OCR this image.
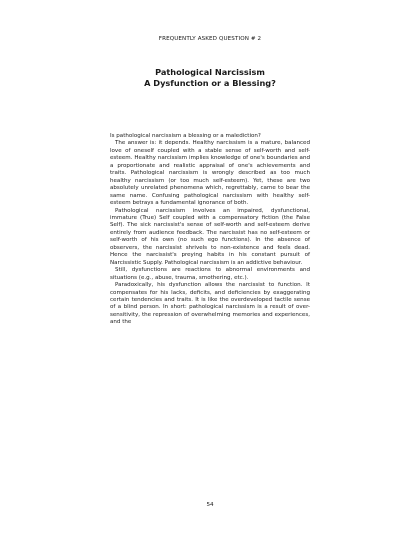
FREQUENTLY ASKED QUESTION # 2
Pathological Narcissism
A Dysfunction or a Blessing?

Is pathological narcissism a blessing or a malediction?

The answer is: it depends. Healthy narcissism is a mature, balanced love of oneself coupled with a stable sense of self-worth and self-esteem. Healthy narcissism implies knowledge of one's boundaries and a proportionate and realistic appraisal of one's achievements and traits. Pathological narcissism is wrongly described as too much healthy narcissism (or too much self-esteem). Yet, these are two absolutely unrelated phenomena which, regrettably, came to bear the same name. Confusing pathological narcissism with healthy self-esteem betrays a fundamental ignorance of both.

Pathological narcissism involves an impaired, dysfunctional, immature (True) Self coupled with a compensatory fiction (the False Self). The sick narcissist's sense of self-worth and self-esteem derive entirely from audience feedback. The narcissist has no self-esteem or self-worth of his own (no such ego functions). In the absence of observers, the narcissist shrivels to non-existence and feels dead. Hence the narcissist's preying habits in his constant pursuit of Narcissistic Supply. Pathological narcissism is an addictive behaviour.

Still, dysfunctions are reactions to abnormal environments and situations (e.g., abuse, trauma, smothering, etc.).

Paradoxically, his dysfunction allows the narcissist to function. It compensates for his lacks, deficits, and deficiencies by exaggerating certain tendencies and traits. It is like the overdeveloped tactile sense of a blind person. In short: pathological narcissism is a result of over-sensitivity, the repression of overwhelming memories and experiences, and the

54
